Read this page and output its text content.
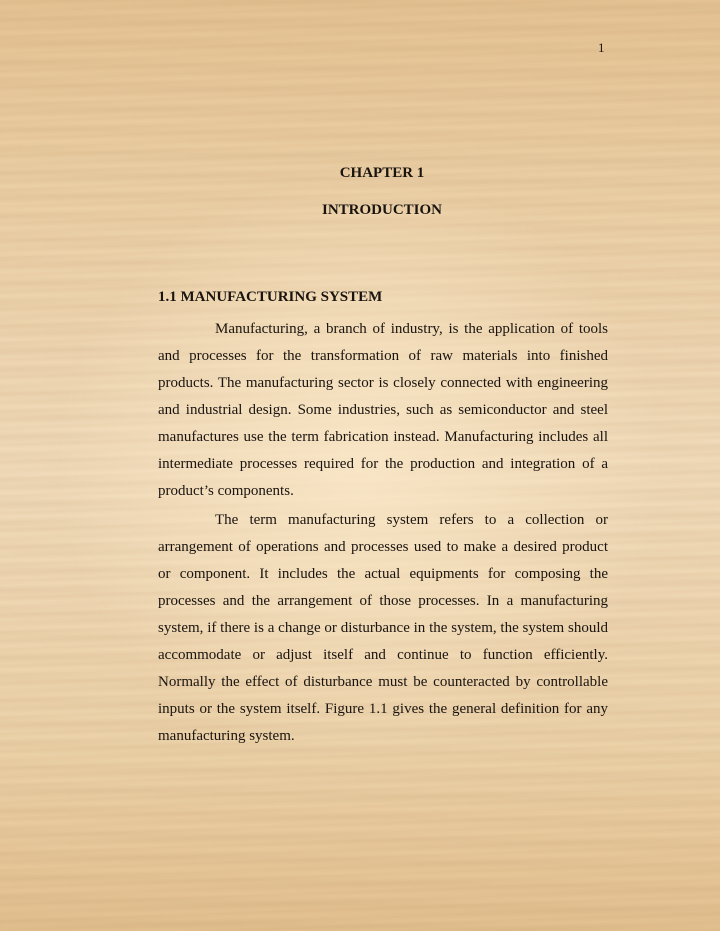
1
CHAPTER 1
INTRODUCTION
1.1 MANUFACTURING SYSTEM

Manufacturing, a branch of industry, is the application of tools and processes for the transformation of raw materials into finished products. The manufacturing sector is closely connected with engineering and industrial design. Some industries, such as semiconductor and steel manufactures use the term fabrication instead. Manufacturing includes all intermediate processes required for the production and integration of a product’s components.

The term manufacturing system refers to a collection or arrangement of operations and processes used to make a desired product or component. It includes the actual equipments for composing the processes and the arrangement of those processes. In a manufacturing system, if there is a change or disturbance in the system, the system should accommodate or adjust itself and continue to function efficiently. Normally the effect of disturbance must be counteracted by controllable inputs or the system itself. Figure 1.1 gives the general definition for any manufacturing system.
